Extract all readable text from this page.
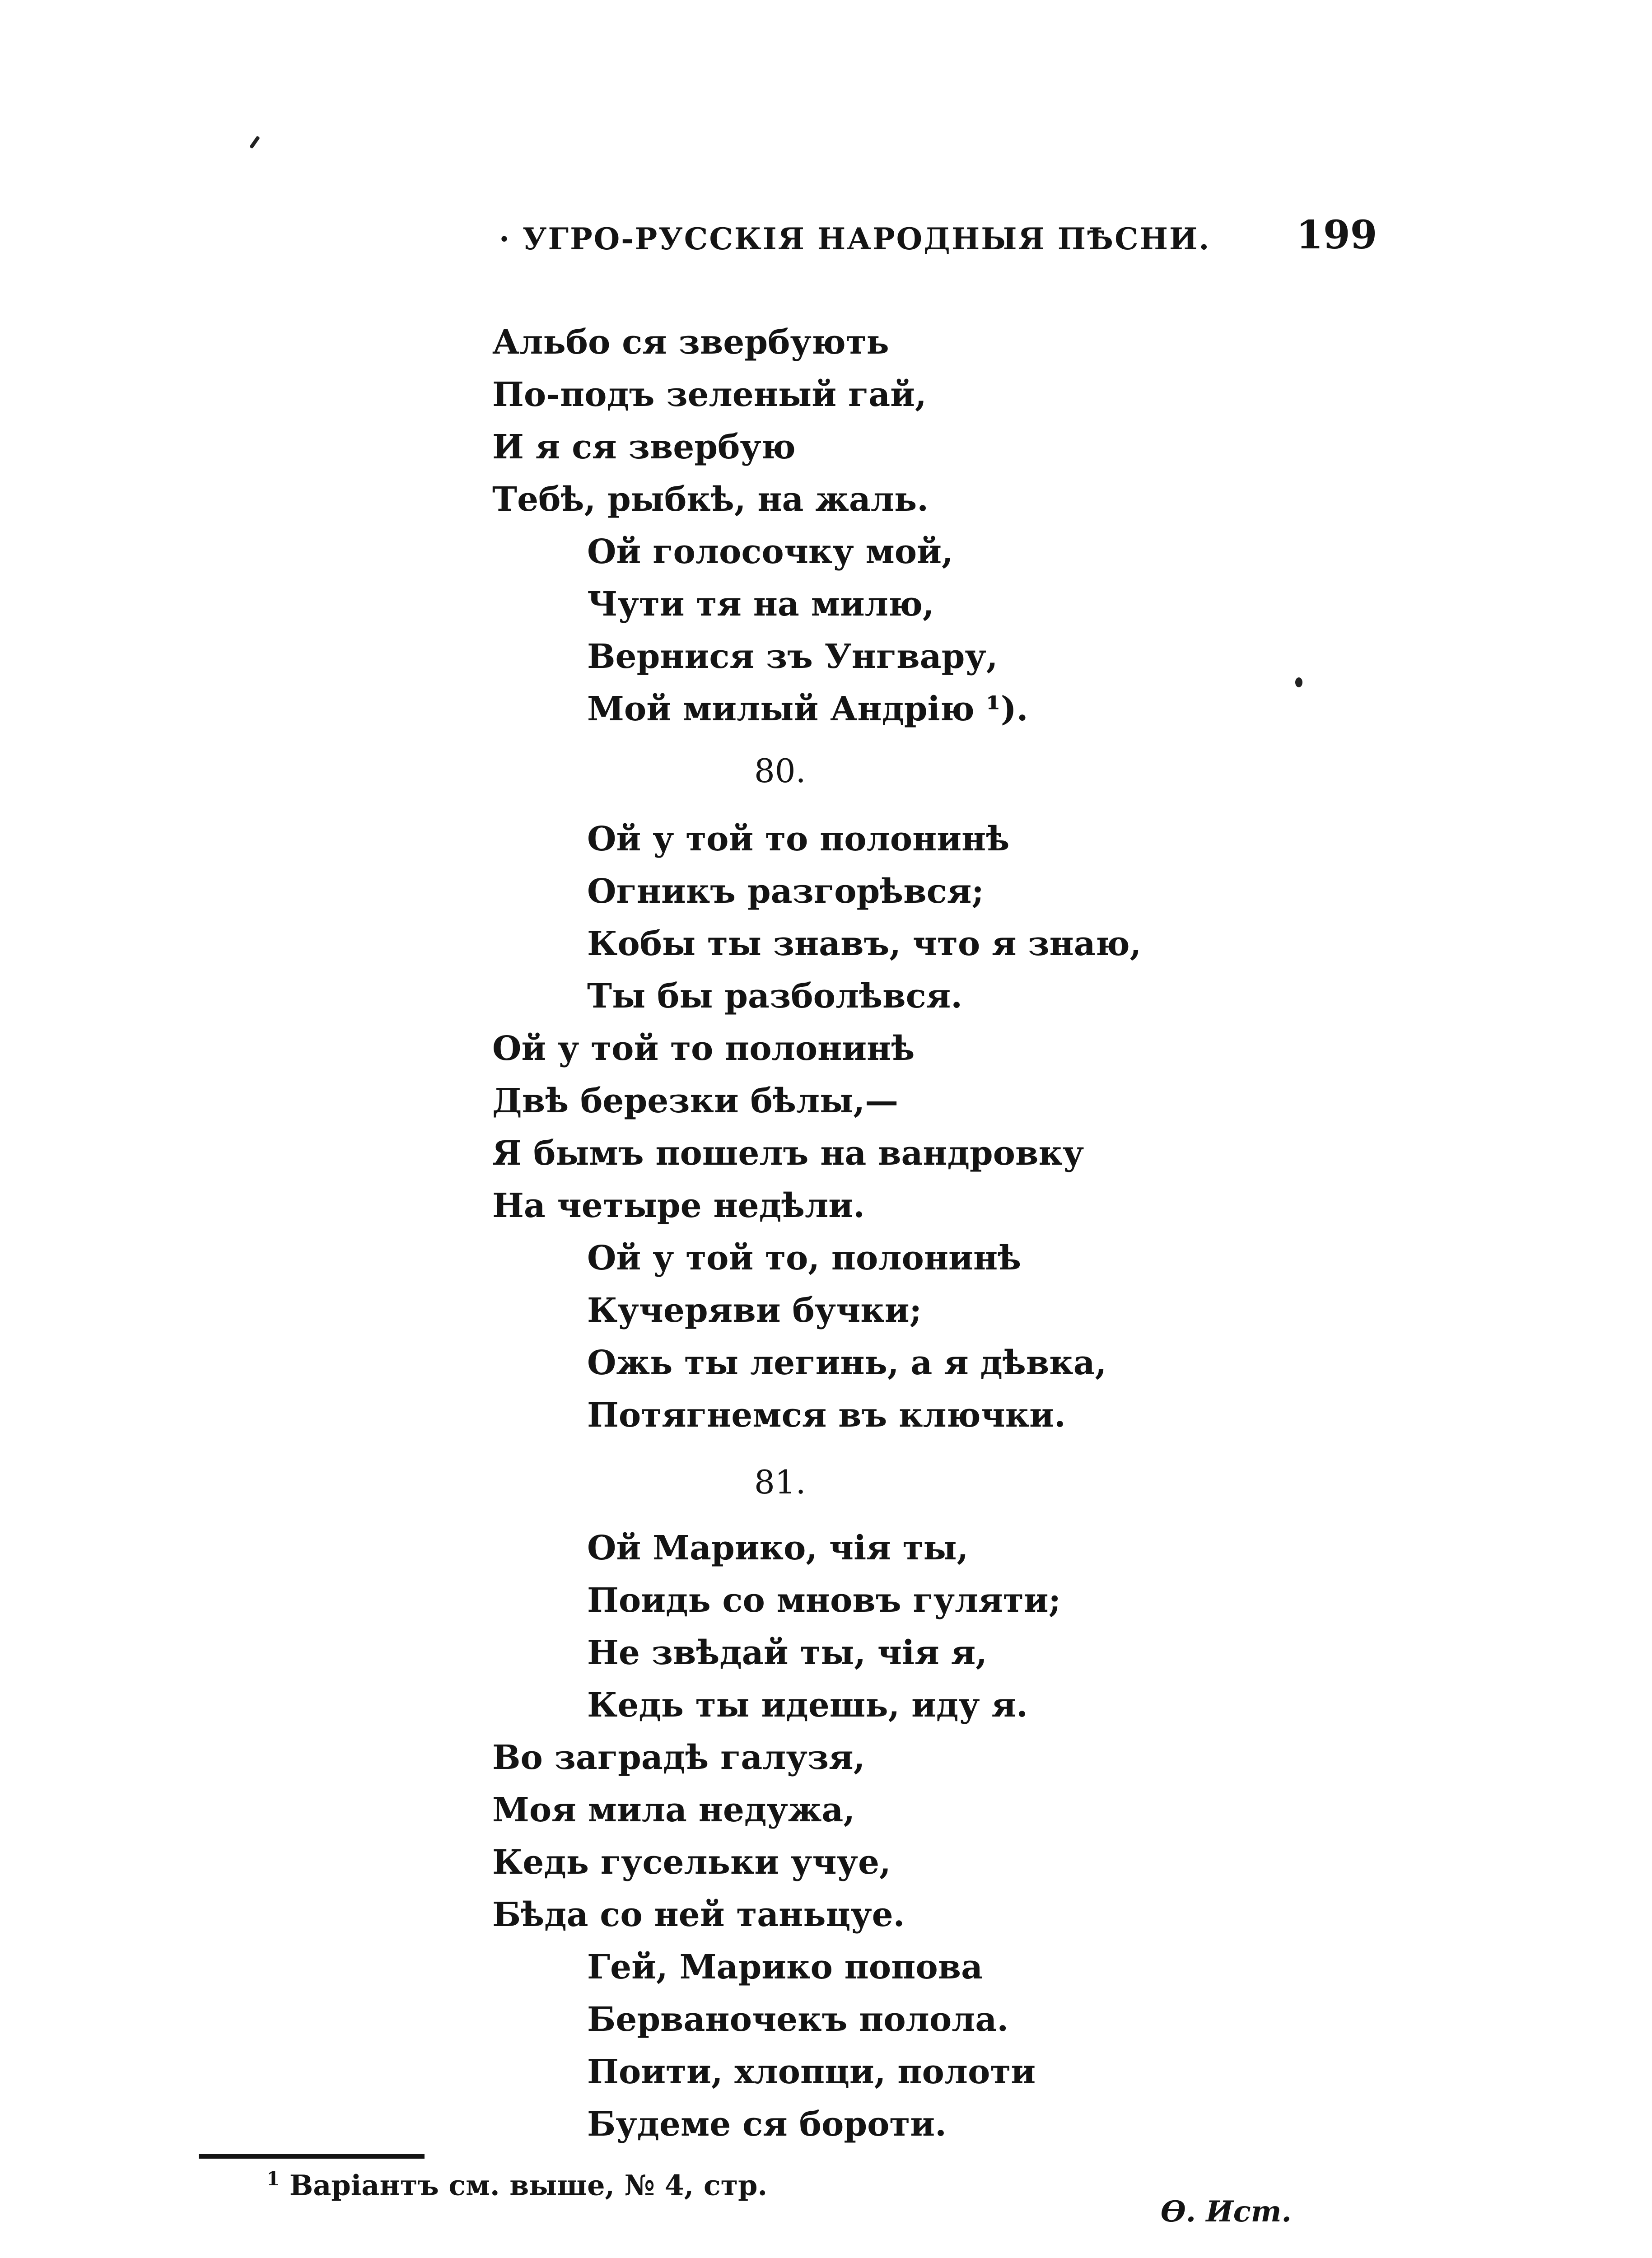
· УГРО-РУССКІЯ НАРОДНЫЯ ПѢСНИ. 199
Альбо ся звербують
По-подъ зеленый гай,
И я ся звербую
Тебѣ, рыбкѣ, на жаль.
Ой голосочку мой,
Чути тя на милю,
Вернися зъ Унгвару,
Мой милый Андрію ¹).
80.
Ой у той то полонинѣ
Огникъ разгорѣвся;
Кобы ты знавъ, что я знаю,
Ты бы разболѣвся.
Ой у той то полонинѣ
Двѣ березки бѣлы,—
Я бымъ пошелъ на вандровку
На четыре недѣли.
Ой у той то, полонинѣ
Кучеряви бучки;
Ожь ты легинь, а я дѣвка,
Потягнемся въ ключки.
81.
Ой Марико, чія ты,
Поидь со мновъ гуляти;
Не звѣдай ты, чія я,
Кедь ты идешь, иду я.
Во заградѣ галузя,
Моя мила недужа,
Кедь гусельки учуе,
Бѣда со ней таньцуе.
Гей, Марико попова
Берваночекъ полола.
Поити, хлопци, полоти
Будеме ся бороти.
$^1$ Варіантъ см. выше, № 4, стр.
Ө. Ист.
